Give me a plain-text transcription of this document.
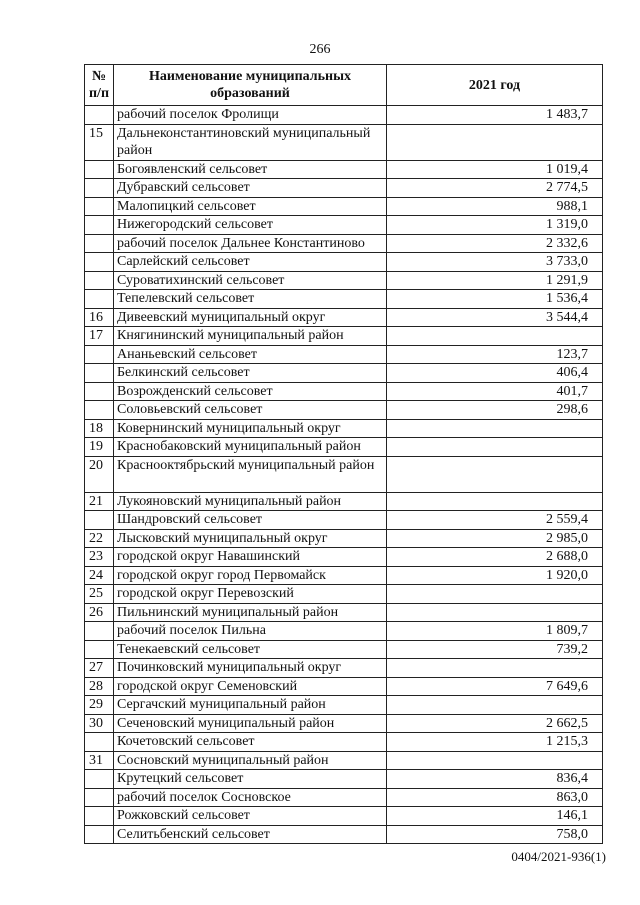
266
№ п/п	Наименование муниципальных образований	2021 год
	рабочий поселок Фролищи	1 483,7
15	Дальнеконстантиновский муниципальный район	
	Богоявленский сельсовет	1 019,4
	Дубравский сельсовет	2 774,5
	Малопицкий сельсовет	988,1
	Нижегородский сельсовет	1 319,0
	рабочий поселок Дальнее Константиново	2 332,6
	Сарлейский сельсовет	3 733,0
	Суроватихинский сельсовет	1 291,9
	Тепелевский сельсовет	1 536,4
16	Дивеевский муниципальный округ	3 544,4
17	Княгининский муниципальный район	
	Ананьевский сельсовет	123,7
	Белкинский сельсовет	406,4
	Возрожденский сельсовет	401,7
	Соловьевский сельсовет	298,6
18	Ковернинский муниципальный округ	
19	Краснобаковский муниципальный район	
20	Краснооктябрьский муниципальный район	
21	Лукояновский муниципальный район	
	Шандровский сельсовет	2 559,4
22	Лысковский муниципальный округ	2 985,0
23	городской округ Навашинский	2 688,0
24	городской округ город Первомайск	1 920,0
25	городской округ Перевозский	
26	Пильнинский муниципальный район	
	рабочий поселок Пильна	1 809,7
	Тенекаевский сельсовет	739,2
27	Починковский муниципальный округ	
28	городской округ Семеновский	7 649,6
29	Сергачский муниципальный район	
30	Сеченовский муниципальный район	2 662,5
	Кочетовский сельсовет	1 215,3
31	Сосновский муниципальный район	
	Крутецкий сельсовет	836,4
	рабочий поселок Сосновское	863,0
	Рожковский сельсовет	146,1
	Селитьбенский сельсовет	758,0
0404/2021-936(1)
